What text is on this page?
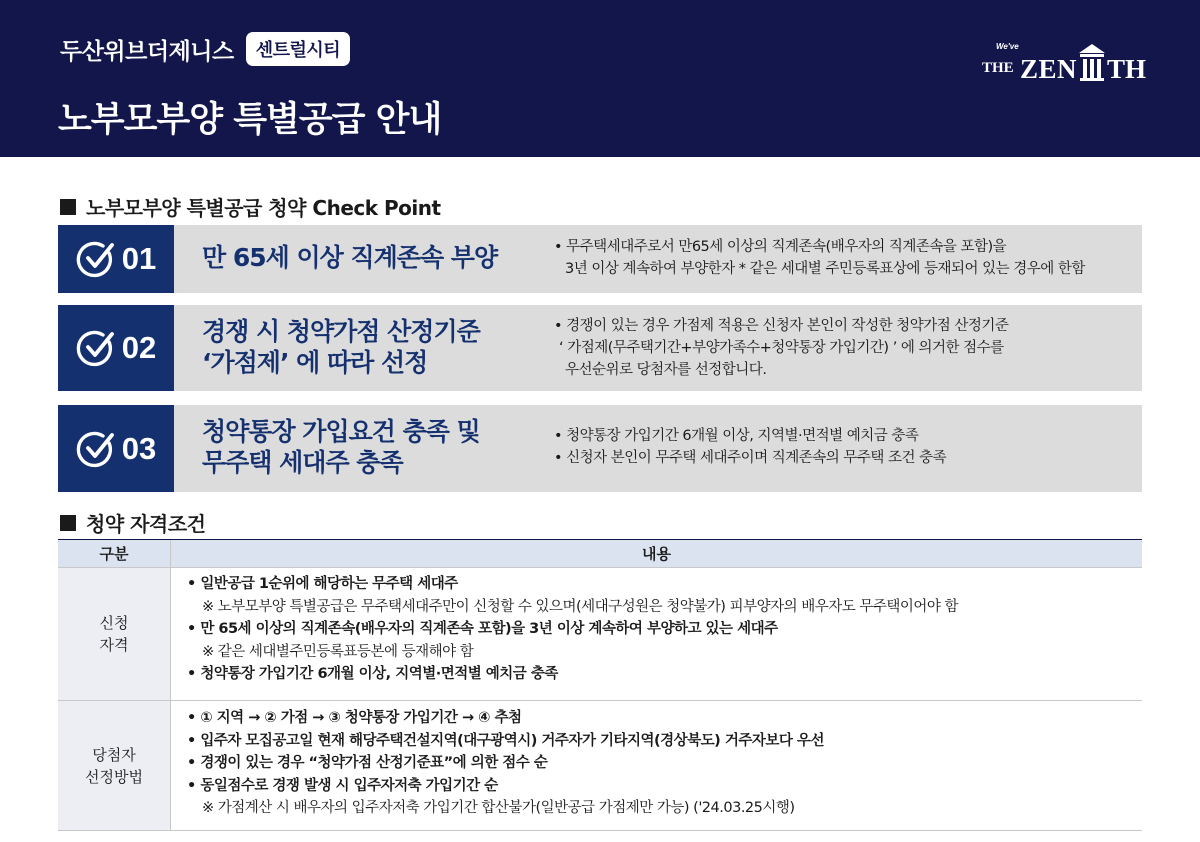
두산위브더제니스	센트럴시티
노부모부양 특별공급 안내
We've
THE ZEN TH
노부모부양 특별공급 청약 Check Point
01 만 65세 이상 직계존속 부양	• 무주택세대주로서 만65세 이상의 직계존속(배우자의 직계존속을 포함)을
3년 이상 계속하여 부양한자 * 같은 세대별 주민등록표상에 등재되어 있는 경우에 한함
02 경쟁 시 청약가점 산정기준
‘가점제’ 에 따라 선정
• 경쟁이 있는 경우 가점제 적용은 신청자 본인이 작성한 청약가점 산정기준
‘ 가점제(무주택기간+부양가족수+청약통장 가입기간) ’ 에 의거한 점수를
우선순위로 당첨자를 선정합니다.
03 청약통장 가입요건 충족 및
무주택 세대주 충족
• 청약통장 가입기간 6개월 이상, 지역별·면적별 예치금 충족
• 신청자 본인이 무주택 세대주이며 직계존속의 무주택 조건 충족
청약 자격조건
구분	내용
신청
자격
• 일반공급 1순위에 해당하는 무주택 세대주
※ 노부모부양 특별공급은 무주택세대주만이 신청할 수 있으며(세대구성원은 청약불가) 피부양자의 배우자도 무주택이어야 함
• 만 65세 이상의 직계존속(배우자의 직계존속 포함)을 3년 이상 계속하여 부양하고 있는 세대주
※ 같은 세대별주민등록표등본에 등재해야 함
• 청약통장 가입기간 6개월 이상, 지역별·면적별 예치금 충족
당첨자
선정방법
• ① 지역 → ② 가점 → ③ 청약통장 가입기간 → ④ 추첨
• 입주자 모집공고일 현재 해당주택건설지역(대구광역시) 거주자가 기타지역(경상북도) 거주자보다 우선
• 경쟁이 있는 경우 “청약가점 산정기준표”에 의한 점수 순
• 동일점수로 경쟁 발생 시 입주자저축 가입기간 순
※ 가점계산 시 배우자의 입주자저축 가입기간 합산불가(일반공급 가점제만 가능) ('24.03.25시행)
